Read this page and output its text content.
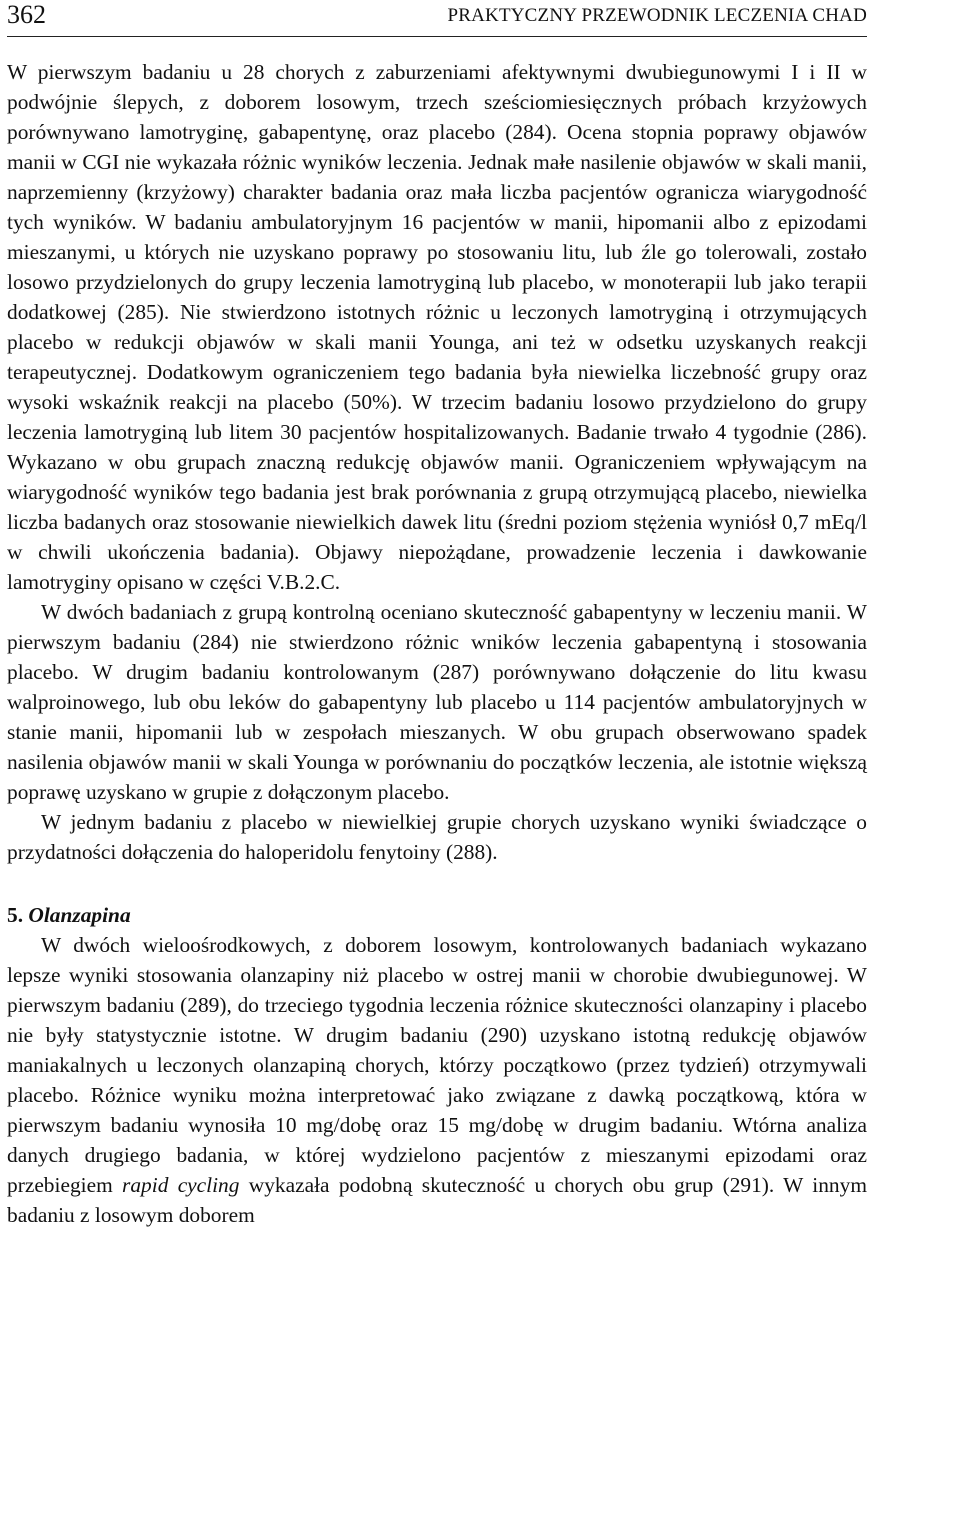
362	PRAKTYCZNY PRZEWODNIK LECZENIA CHAD

W pierwszym badaniu u 28 chorych z zaburzeniami afektywnymi dwubiegunowymi I i II w podwójnie ślepych, z doborem losowym, trzech sześciomiesięcznych próbach krzyżowych porównywano lamotryginę, gabapentynę, oraz placebo (284). Ocena stopnia poprawy objawów manii w CGI nie wykazała różnic wyników leczenia. Jednak małe nasilenie objawów w skali manii, naprzemienny (krzyżowy) charakter badania oraz mała liczba pacjentów ogranicza wiarygodność tych wyników. W badaniu ambulatoryjnym 16 pacjentów w manii, hipomanii albo z epizodami mieszanymi, u których nie uzyskano poprawy po stosowaniu litu, lub źle go tolerowali, zostało losowo przydzielonych do grupy leczenia lamotryginą lub placebo, w monoterapii lub jako terapii dodatkowej (285). Nie stwierdzono istotnych różnic u leczonych lamotryginą i otrzymujących placebo w redukcji objawów w skali manii Younga, ani też w odsetku uzyskanych reakcji terapeutycznej. Dodatkowym ograniczeniem tego badania była niewielka liczebność grupy oraz wysoki wskaźnik reakcji na placebo (50%). W trzecim badaniu losowo przydzielono do grupy leczenia lamotryginą lub litem 30 pacjentów hospitalizowanych. Badanie trwało 4 tygodnie (286). Wykazano w obu grupach znaczną redukcję objawów manii. Ograniczeniem wpływającym na wiarygodność wyników tego badania jest brak porównania z grupą otrzymującą placebo, niewielka liczba badanych oraz stosowanie niewielkich dawek litu (średni poziom stężenia wyniósł 0,7 mEq/l w chwili ukończenia badania). Objawy niepożądane, prowadzenie leczenia i dawkowanie lamotryginy opisano w części V.B.2.C.

W dwóch badaniach z grupą kontrolną oceniano skuteczność gabapentyny w leczeniu manii. W pierwszym badaniu (284) nie stwierdzono różnic wników leczenia gabapentyną i stosowania placebo. W drugim badaniu kontrolowanym (287) porównywano dołączenie do litu kwasu walproinowego, lub obu leków do gabapentyny lub placebo u 114 pacjentów ambulatoryjnych w stanie manii, hipomanii lub w zespołach mieszanych. W obu grupach obserwowano spadek nasilenia objawów manii w skali Younga w porównaniu do początków leczenia, ale istotnie większą poprawę uzyskano w grupie z dołączonym placebo.

W jednym badaniu z placebo w niewielkiej grupie chorych uzyskano wyniki świadczące o przydatności dołączenia do haloperidolu fenytoiny (288).

5. Olanzapina

W dwóch wieloośrodkowych, z doborem losowym, kontrolowanych badaniach wykazano lepsze wyniki stosowania olanzapiny niż placebo w ostrej manii w chorobie dwubiegunowej. W pierwszym badaniu (289), do trzeciego tygodnia leczenia różnice skuteczności olanzapiny i placebo nie były statystycznie istotne. W drugim badaniu (290) uzyskano istotną redukcję objawów maniakalnych u leczonych olanzapiną chorych, którzy początkowo (przez tydzień) otrzymywali placebo. Różnice wyniku można interpretować jako związane z dawką początkową, która w pierwszym badaniu wynosiła 10 mg/dobę oraz 15 mg/dobę w drugim badaniu. Wtórna analiza danych drugiego badania, w której wydzielono pacjentów z mieszanymi epizodami oraz przebiegiem rapid cycling wykazała podobną skuteczność u chorych obu grup (291). W innym badaniu z losowym doborem
